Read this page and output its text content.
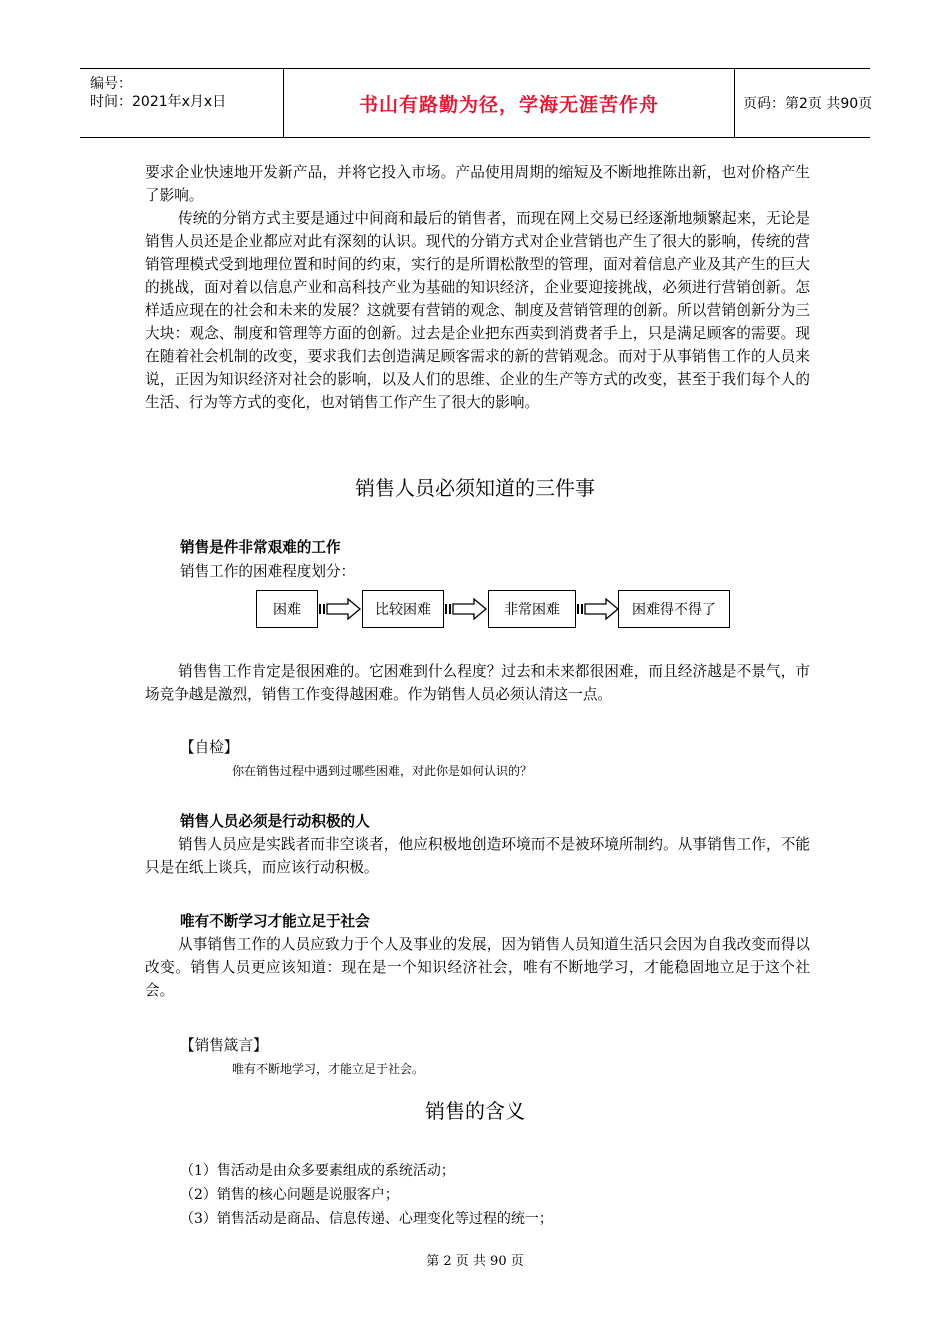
编号：
时间：2021年x月x日	书山有路勤为径，学海无涯苦作舟	页码：第2页 共90页
要求企业快速地开发新产品，并将它投入市场。产品使用周期的缩短及不断地推陈出新，也对价格产生了影响。
传统的分销方式主要是通过中间商和最后的销售者，而现在网上交易已经逐渐地频繁起来，无论是销售人员还是企业都应对此有深刻的认识。现代的分销方式对企业营销也产生了很大的影响，传统的营销管理模式受到地理位置和时间的约束，实行的是所谓松散型的管理，面对着信息产业及其产生的巨大的挑战，面对着以信息产业和高科技产业为基础的知识经济，企业要迎接挑战，必须进行营销创新。怎样适应现在的社会和未来的发展？这就要有营销的观念、制度及营销管理的创新。所以营销创新分为三大块：观念、制度和管理等方面的创新。过去是企业把东西卖到消费者手上，只是满足顾客的需要。现在随着社会机制的改变，要求我们去创造满足顾客需求的新的营销观念。而对于从事销售工作的人员来说，正因为知识经济对社会的影响，以及人们的思维、企业的生产等方式的改变，甚至于我们每个人的生活、行为等方式的变化，也对销售工作产生了很大的影响。
销售人员必须知道的三件事
销售是件非常艰难的工作
销售工作的困难程度划分：
困难	比较困难	非常困难	困难得不得了
销售售工作肯定是很困难的。它困难到什么程度？过去和未来都很困难，而且经济越是不景气，市场竞争越是激烈，销售工作变得越困难。作为销售人员必须认清这一点。
【自检】
你在销售过程中遇到过哪些困难，对此你是如何认识的？
销售人员必须是行动积极的人
销售人员应是实践者而非空谈者，他应积极地创造环境而不是被环境所制约。从事销售工作，不能只是在纸上谈兵，而应该行动积极。
唯有不断学习才能立足于社会
从事销售工作的人员应致力于个人及事业的发展，因为销售人员知道生活只会因为自我改变而得以改变。销售人员更应该知道：现在是一个知识经济社会，唯有不断地学习，才能稳固地立足于这个社会。
【销售箴言】
唯有不断地学习，才能立足于社会。
销售的含义
（1）售活动是由众多要素组成的系统活动；
（2）销售的核心问题是说服客户；
（3）销售活动是商品、信息传递、心理变化等过程的统一；
第 2 页 共 90 页
